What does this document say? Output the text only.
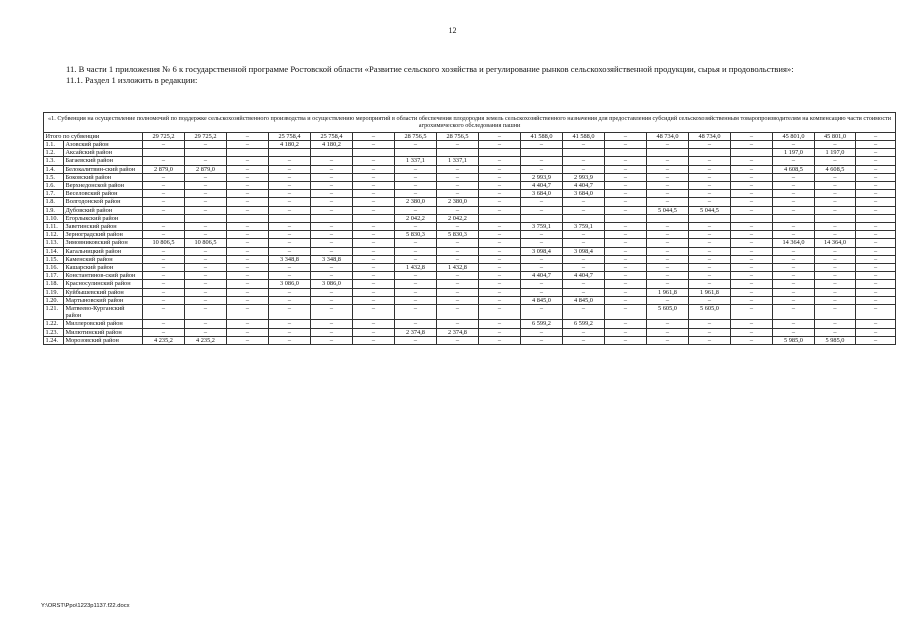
12

11. В части 1 приложения № 6 к государственной программе Ростовской области «Развитие сельского хозяйства и регулирование рынков сельскохозяйственной продукции, сырья и продовольствия»:

11.1. Раздел 1 изложить в редакции:

«1. Субвенция на осуществление полномочий по поддержке сельскохозяйственного производства и осуществлению мероприятий в области обеспечения плодородия земель сельскохозяйственного назначения для предоставления субсидий сельскохозяйственным товаропроизводителям на компенсацию части стоимости агрохимического обследования пашни																			
Итого по субвенции		29 725,2	29 725,2	–	25 758,4	25 758,4	–	28 756,5	28 756,5	–	41 588,0	41 588,0	–	48 734,0	48 734,0	–	45 801,0	45 801,0	–
1.1.	Азовский район	–	–	–	4 180,2	4 180,2	–	–	–	–	–	–	–	–	–	–	–	–	–
1.2.	Аксайский район																1 197,0	1 197,0	–
1.3.	Багаевский район	–	–	–	–	–	–	1 337,1	1 337,1	–	–	–	–	–	–	–	–	–	–
1.4.	Белокалитвин-ский район	2 879,0	2 879,0	–	–	–	–	–	–	–	–	–	–	–	–	–	4 608,5	4 608,5	–
1.5.	Боковский район	–	–	–	–	–	–	–	–	–	2 993,9	2 993,9	–	–	–	–	–	–	–
1.6.	Верхнедонской район	–	–	–	–	–	–	–	–	–	4 404,7	4 404,7	–	–	–	–	–	–	–
1.7.	Веселовский район	–	–	–	–	–	–	–	–	–	3 684,0	3 684,0	–	–	–	–	–	–	–
1.8.	Волгодонской район	–	–	–	–	–	–	2 380,0	2 380,0	–	–	–	–	–	–	–	–	–	–
1.9.	Дубовский район	–	–	–	–	–	–	–	–	–	–	–	–	5 044,5	5 044,5	–	–	–	–
1.10.	Егорлыкский район							2 042,2	2 042,2										
1.11.	Заветинский район	–	–	–	–	–	–	–	–	–	3 759,1	3 759,1	–	–	–	–	–	–	–
1.12.	Зерноградский район	–	–	–	–	–	–	5 830,3	5 830,3	–	–	–	–	–	–	–	–	–	–
1.13.	Зимовниковский район	10 806,5	10 806,5	–	–	–	–	–	–	–	–	–	–	–	–	–	14 364,0	14 364,0	–
1.14.	Кагальницкий район	–	–	–	–	–	–	–	–	–	3 098,4	3 098,4	–	–	–	–	–	–	–
1.15.	Каменский район	–	–	–	3 348,8	3 348,8	–	–	–	–	–	–	–	–	–	–	–	–	–
1.16.	Кашарский район	–	–	–	–	–	–	1 432,8	1 432,8	–	–	–	–	–	–	–	–	–	–
1.17.	Константинов-ский район	–	–	–	–	–	–	–	–	–	4 404,7	4 404,7	–	–	–	–	–	–	–
1.18.	Красносулинский район	–	–	–	3 086,0	3 086,0	–	–	–	–	–	–	–	–	–	–	–	–	–
1.19.	Куйбышевский район	–	–	–	–	–	–	–	–	–	–	–	–	1 961,8	1 961,8	–	–	–	–
1.20.	Мартыновский район	–	–	–	–	–	–	–	–	–	4 845,0	4 845,0	–	–	–	–	–	–	–
1.21.	Матвеево-Курганский район	–	–	–	–	–	–	–	–	–	–	–	–	5 605,0	5 605,0	–	–	–	–
1.22.	Миллеровский район	–	–	–	–	–	–	–	–	–	6 599,2	6 599,2	–	–	–	–	–	–	–
1.23.	Милютинский район	–	–	–	–	–	–	2 374,8	2 374,8	–	–	–	–	–	–	–	–	–	–
1.24.	Морозовский район	4 235,2	4 235,2	–	–	–	–	–	–	–	–	–	–	–	–	–	5 985,0	5 985,0	–
Y:\ORST\Ppo\1223p1137.f22.docx
